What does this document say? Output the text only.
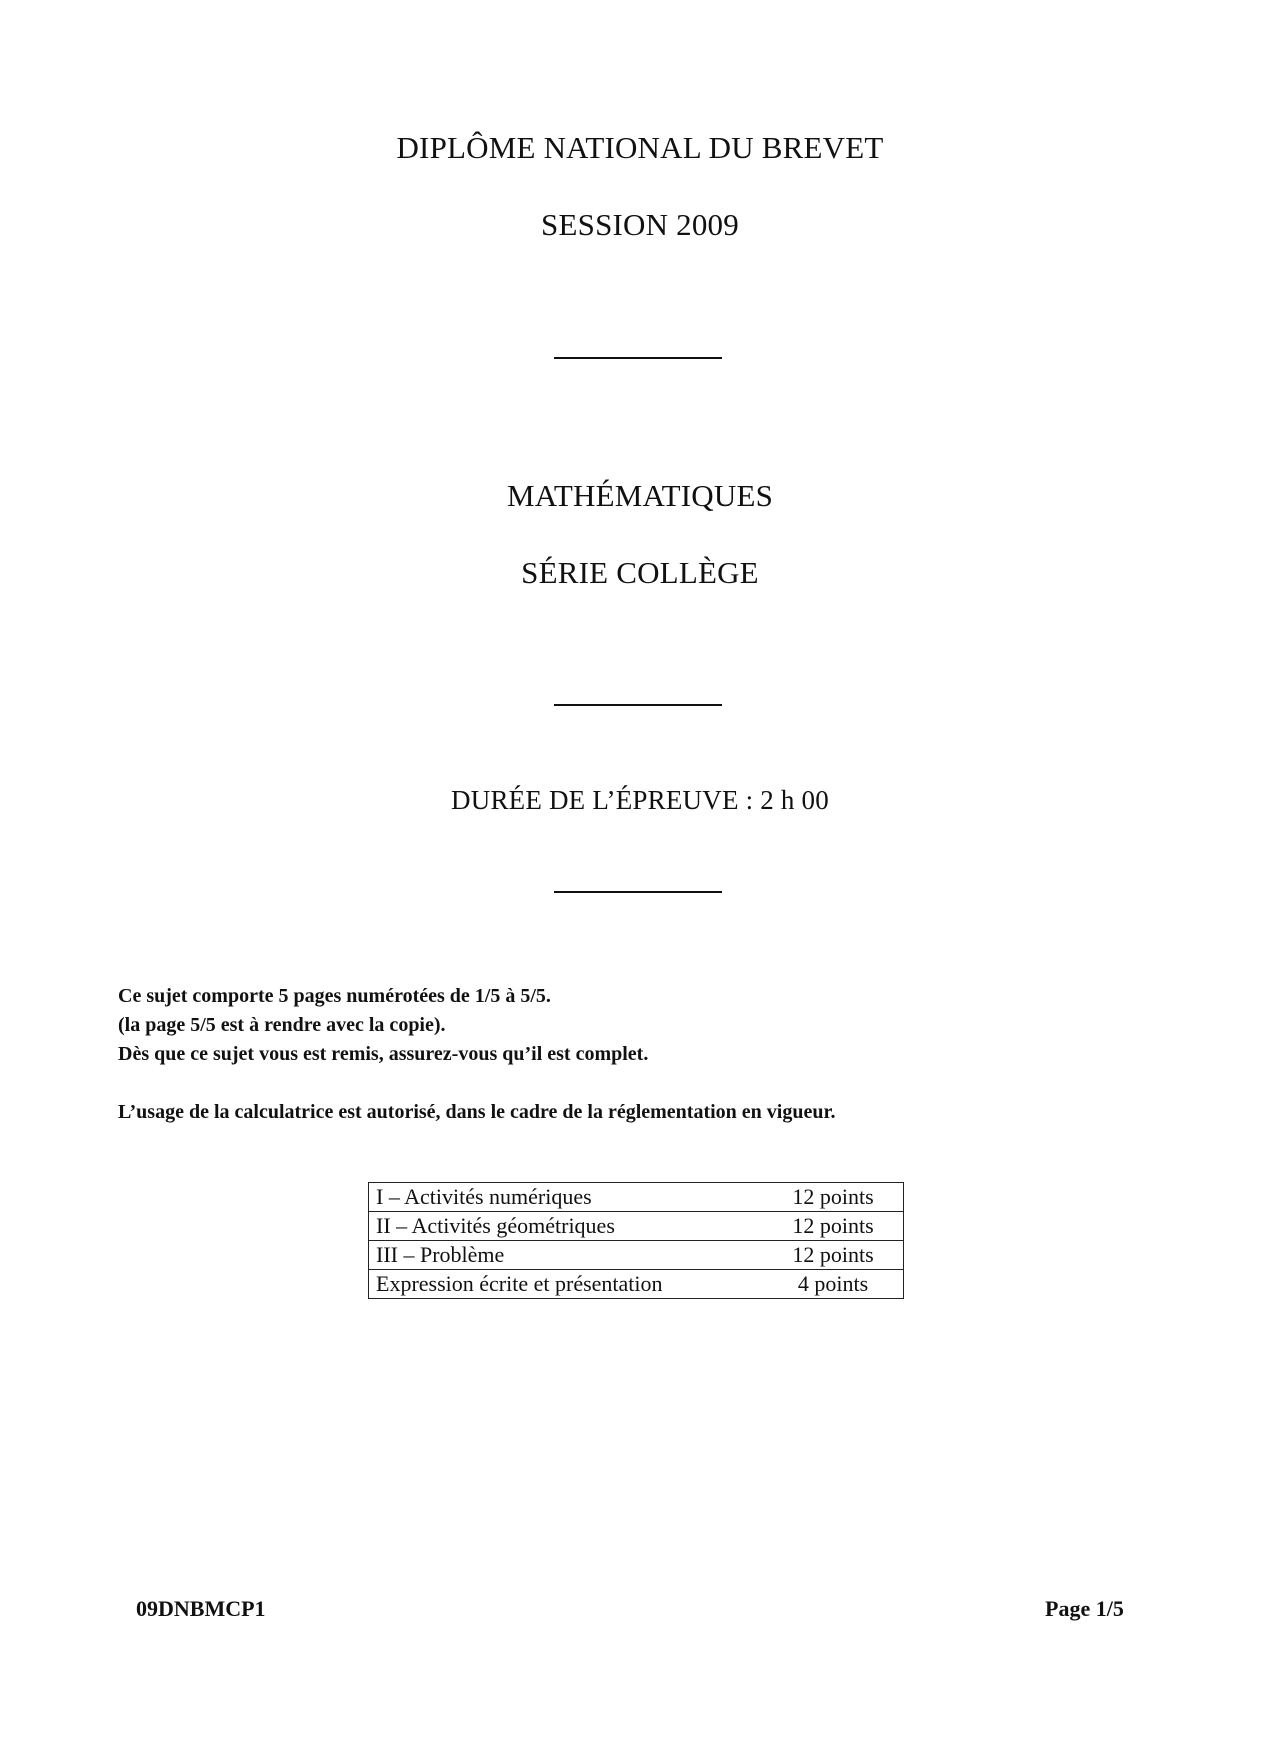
DIPLÔME NATIONAL DU BREVET
SESSION 2009
MATHÉMATIQUES
SÉRIE COLLÈGE
DURÉE DE L’ÉPREUVE : 2 h 00

Ce sujet comporte 5 pages numérotées de 1/5 à 5/5.

(la page 5/5 est à rendre avec la copie).

Dès que ce sujet vous est remis, assurez-vous qu’il est complet.

L’usage de la calculatrice est autorisé, dans le cadre de la réglementation en vigueur.

I – Activités numériques	12 points
II – Activités géométriques	12 points
III – Problème	12 points
Expression écrite et présentation	4 points
09DNBMCP1	Page 1/5
